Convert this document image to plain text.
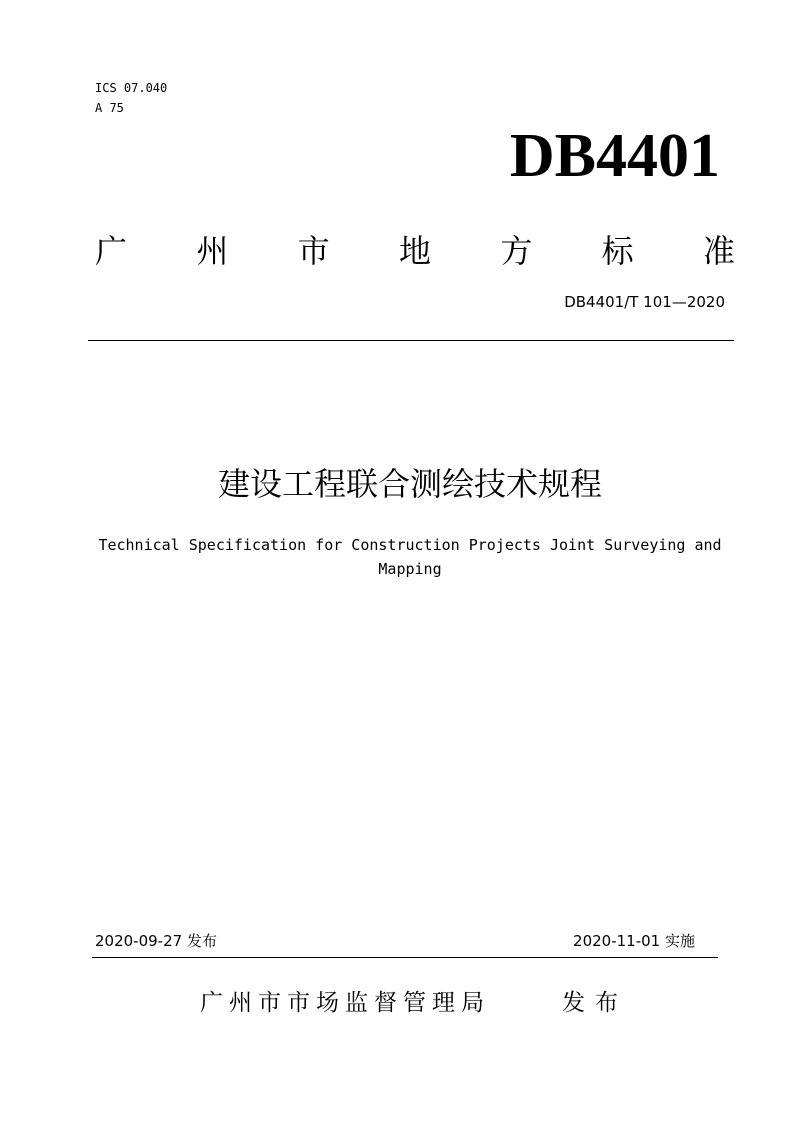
ICS 07.040
A 75
DB4401
广 州 市 地 方 标 准
DB4401/T 101—2020
建设工程联合测绘技术规程
Technical Specification for Construction Projects Joint Surveying and Mapping
2020-09-27 发布	2020-11-01 实施
广州市市场监督管理局	发布
